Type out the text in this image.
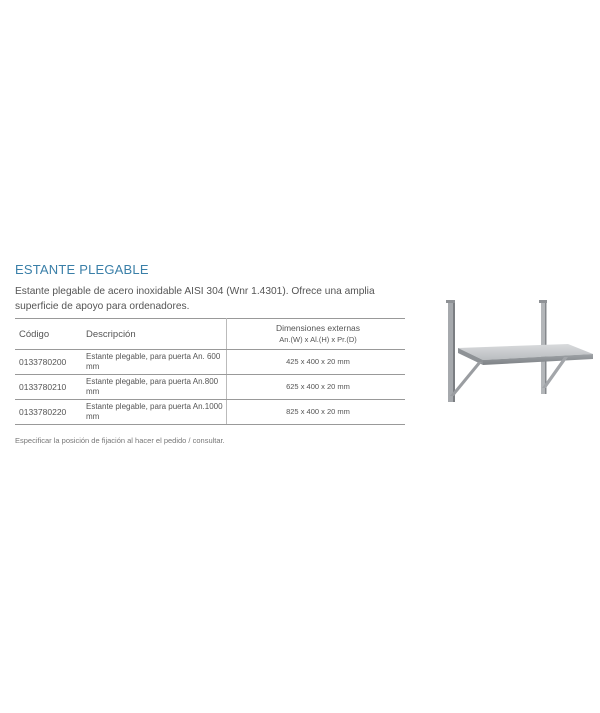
ESTANTE PLEGABLE
Estante plegable de acero inoxidable AISI 304 (Wnr 1.4301). Ofrece una amplia superficie de apoyo para ordenadores.
Código	Descripción	Dimensiones externas
An.(W) x Al.(H) x Pr.(D)

0133780200	Estante plegable, para puerta An. 600 mm	425 x 400 x 20 mm
0133780210	Estante plegable, para puerta An.800 mm	625 x 400 x 20 mm
0133780220	Estante plegable, para puerta An.1000 mm	825 x 400 x 20 mm
Especificar la posición de fijación al hacer el pedido / consultar.
